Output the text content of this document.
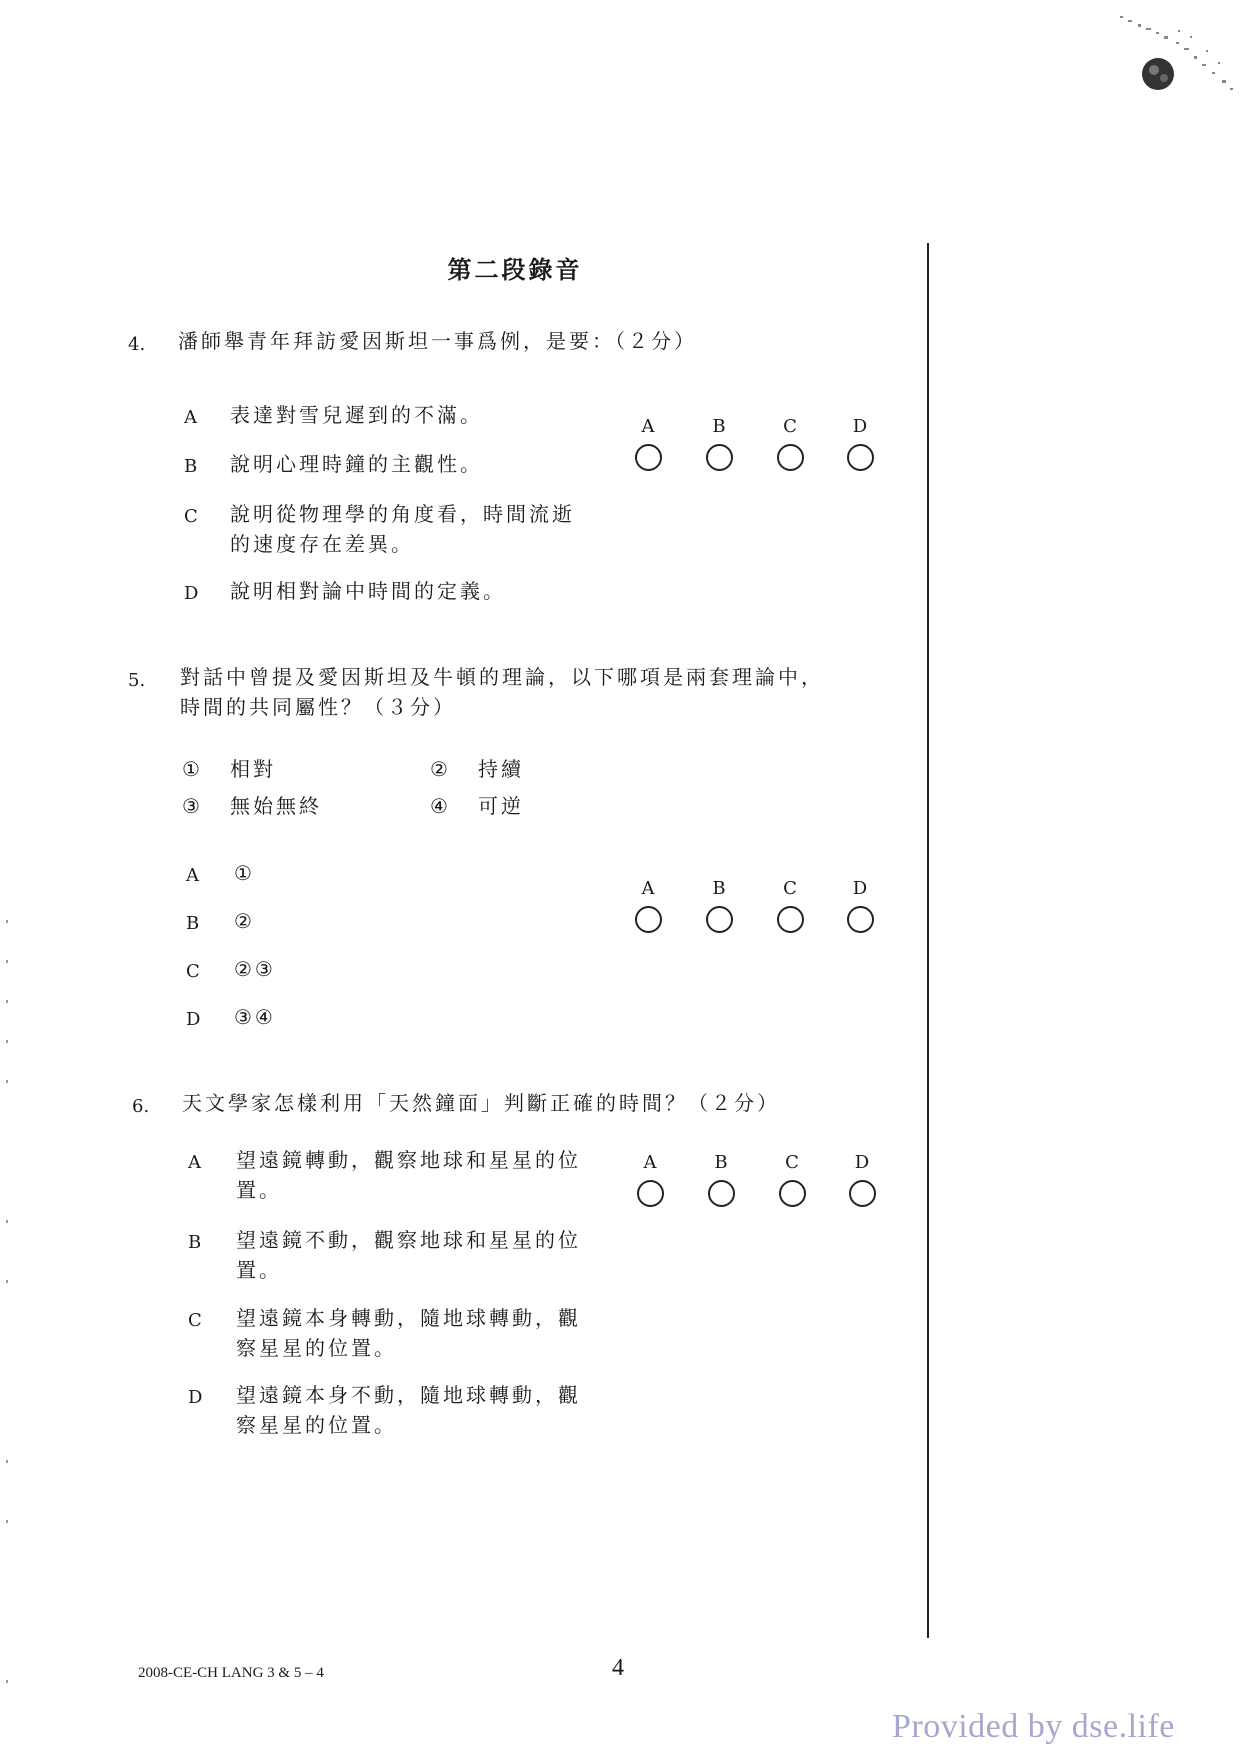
第二段錄音
4. 潘師舉青年拜訪愛因斯坦一事爲例，是要：（２分）
A 表達對雪兒遲到的不滿。
B 說明心理時鐘的主觀性。
C 說明從物理學的角度看，時間流逝的速度存在差異。
D 說明相對論中時間的定義。
A	B	C	D
5. 對話中曾提及愛因斯坦及牛頓的理論，以下哪項是兩套理論中，
時間的共同屬性？（３分）
① 相對	② 持續
③ 無始無終	④ 可逆
A ①
B ②
C ②③
D ③④
A	B	C	D
6. 天文學家怎樣利用「天然鐘面」判斷正確的時間？（２分）
A 望遠鏡轉動，觀察地球和星星的位置。
B 望遠鏡不動，觀察地球和星星的位置。
C 望遠鏡本身轉動，隨地球轉動，觀察星星的位置。
D 望遠鏡本身不動，隨地球轉動，觀察星星的位置。
A	B	C	D
2008-CE-CH LANG 3 & 5 – 4	4
Provided by dse.life
